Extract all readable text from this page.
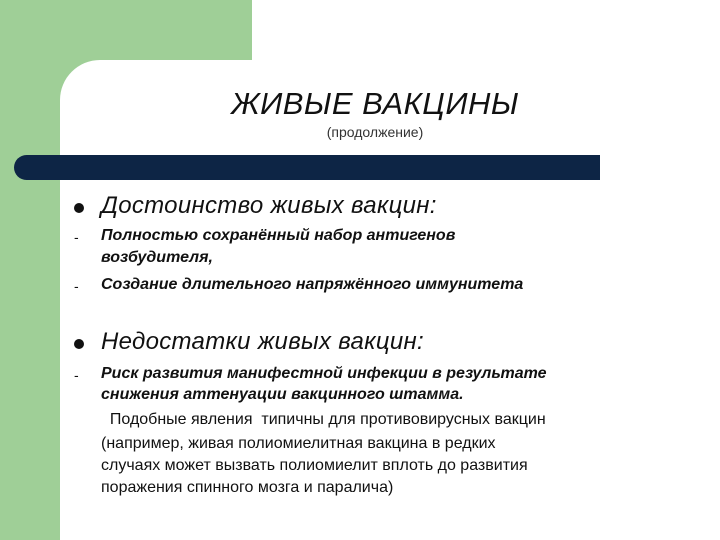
ЖИВЫЕ ВАКЦИНЫ
(продолжение)
Достоинство живых вакцин:
- Полностью сохранённый набор антигенов
возбудителя,
- Создание длительного напряжённого иммунитета
Недостатки живых вакцин:
- Риск развития манифестной инфекции в результате
снижения аттенуации вакцинного штамма.
Подобные явления  типичны для противовирусных вакцин
(например, живая полиомиелитная вакцина в редких
случаях может вызвать полиомиелит вплоть до развития
поражения спинного мозга и паралича)
